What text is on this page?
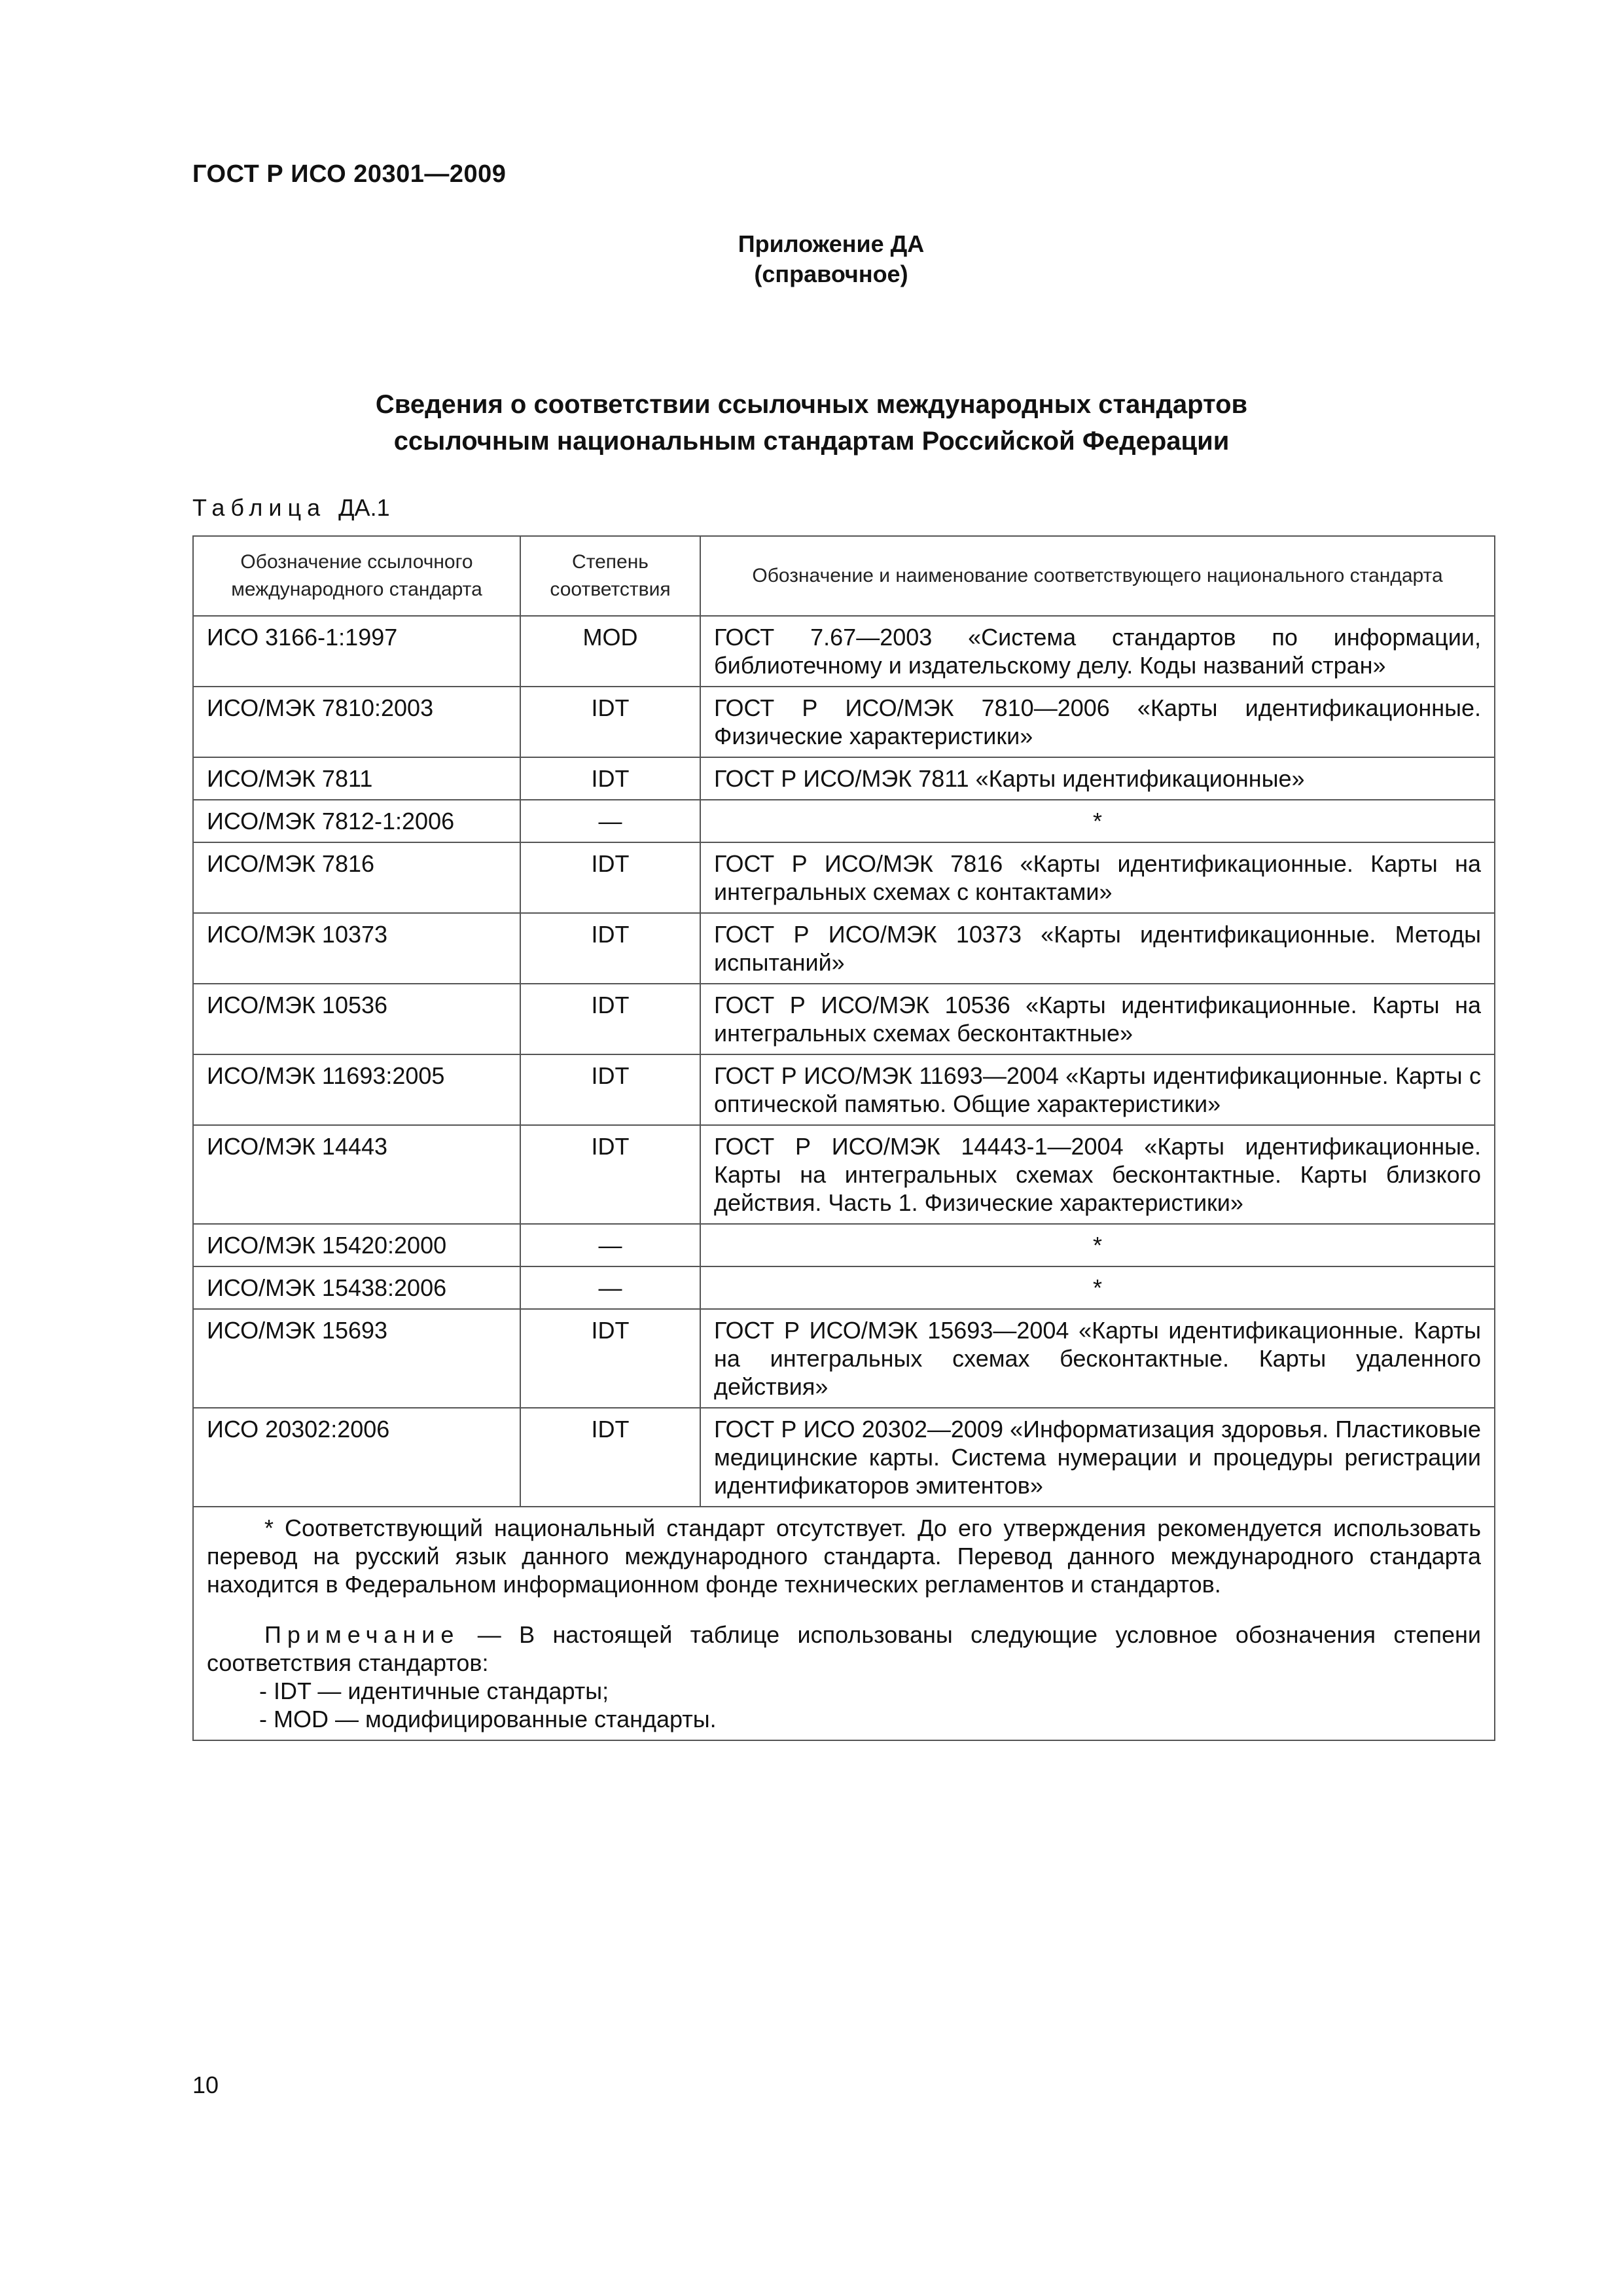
ГОСТ Р ИСО 20301—2009
Приложение ДА
(справочное)
Сведения о соответствии ссылочных международных стандартов
ссылочным национальным стандартам Российской Федерации
Таблица ДА.1
Обозначение ссылочного международного стандарта	Степень соответствия	Обозначение и наименование соответствующего национального стандарта
ИСО 3166-1:1997	MOD	ГОСТ 7.67—2003 «Система стандартов по информации, библиотечному и издательскому делу. Коды названий стран»
ИСО/МЭК 7810:2003	IDT	ГОСТ Р ИСО/МЭК 7810—2006 «Карты идентификационные. Физические характеристики»
ИСО/МЭК 7811	IDT	ГОСТ Р ИСО/МЭК 7811 «Карты идентификационные»
ИСО/МЭК 7812-1:2006	—	*
ИСО/МЭК 7816	IDT	ГОСТ Р ИСО/МЭК 7816 «Карты идентификационные. Карты на интегральных схемах с контактами»
ИСО/МЭК 10373	IDT	ГОСТ Р ИСО/МЭК 10373 «Карты идентификационные. Методы испытаний»
ИСО/МЭК 10536	IDT	ГОСТ Р ИСО/МЭК 10536 «Карты идентификационные. Карты на интегральных схемах бесконтактные»
ИСО/МЭК 11693:2005	IDT	ГОСТ Р ИСО/МЭК 11693—2004 «Карты идентификационные. Карты с оптической памятью. Общие характеристики»
ИСО/МЭК 14443	IDT	ГОСТ Р ИСО/МЭК 14443-1—2004 «Карты идентификационные. Карты на интегральных схемах бесконтактные. Карты близкого действия. Часть 1. Физические характеристики»
ИСО/МЭК 15420:2000	—	*
ИСО/МЭК 15438:2006	—	*
ИСО/МЭК 15693	IDT	ГОСТ Р ИСО/МЭК 15693—2004 «Карты идентификационные. Карты на интегральных схемах бесконтактные. Карты удаленного действия»
ИСО 20302:2006	IDT	ГОСТ Р ИСО 20302—2009 «Информатизация здоровья. Пластиковые медицинские карты. Система нумерации и процедуры регистрации идентификаторов эмитентов»

* Соответствующий национальный стандарт отсутствует. До его утверждения рекомендуется использовать перевод на русский язык данного международного стандарта. Перевод данного международного стандарта находится в Федеральном информационном фонде технических регламентов и стандартов.

Примечание — В настоящей таблице использованы следующие условное обозначения степени соответствия стандартов:

- IDT — идентичные стандарты;

- MOD — модифицированные стандарты.		

10
